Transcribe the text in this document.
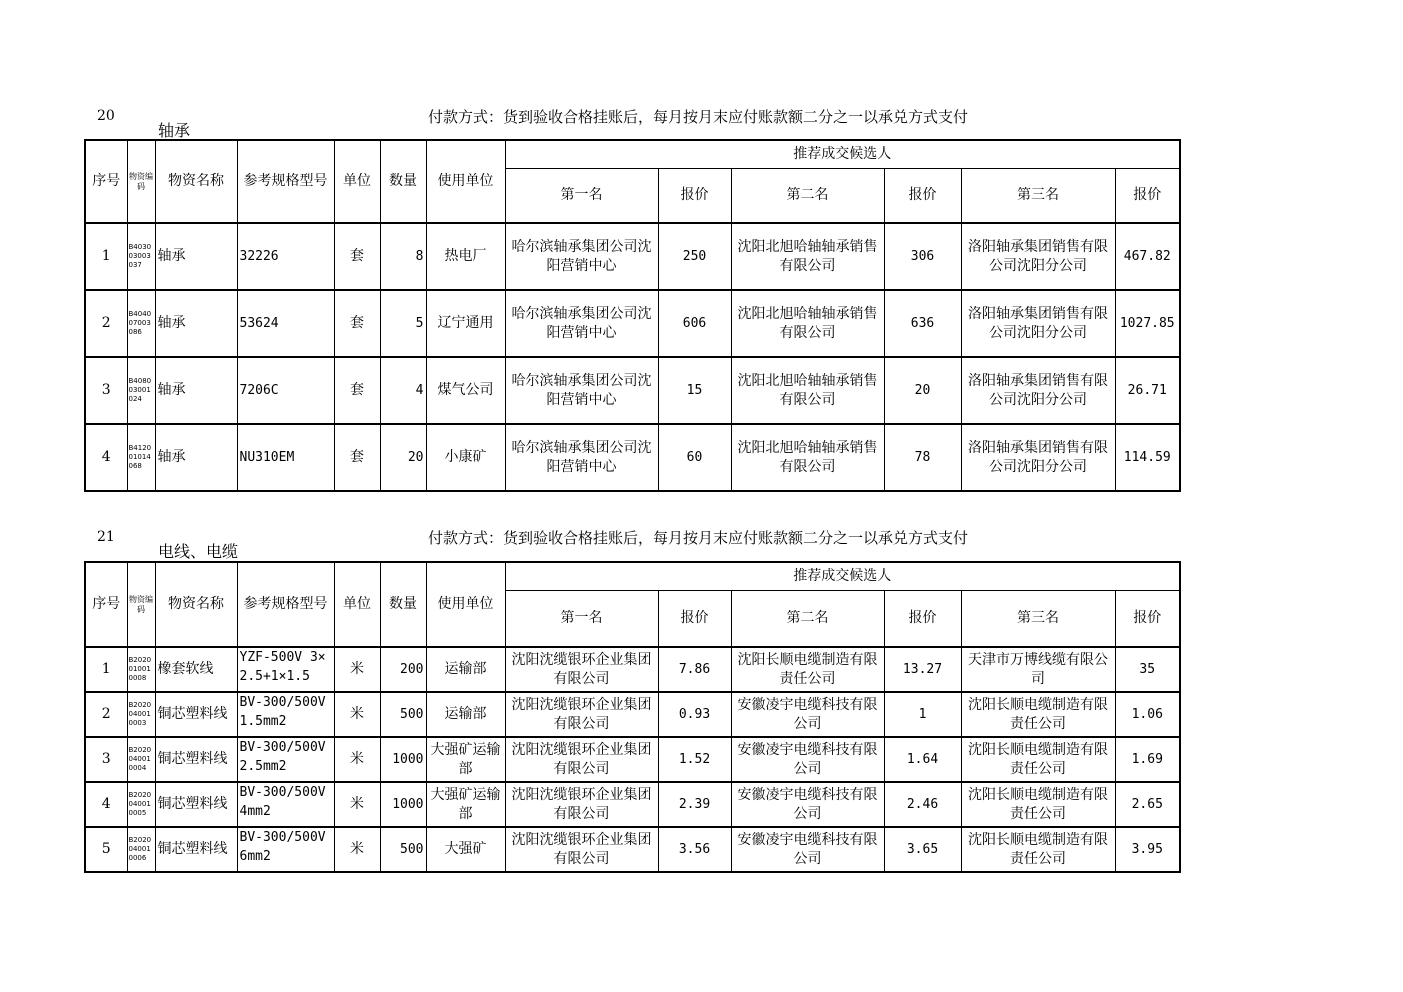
20
轴承
付款方式：货到验收合格挂账后，每月按月末应付账款额二分之一以承兑方式支付
序号	物资编码	物资名称	参考规格型号	单位	数量	使用单位	推荐成交候选人					
							第一名	报价	第二名	报价	第三名	报价

1	B403003003037	轴承	32226	套	8	热电厂	哈尔滨轴承集团公司沈阳营销中心	250	沈阳北旭哈轴轴承销售有限公司	306	洛阳轴承集团销售有限公司沈阳分公司	467.82

2	B404007003086	轴承	53624	套	5	辽宁通用	哈尔滨轴承集团公司沈阳营销中心	606	沈阳北旭哈轴轴承销售有限公司	636	洛阳轴承集团销售有限公司沈阳分公司	1027.85

3	B408003001024	轴承	7206C	套	4	煤气公司	哈尔滨轴承集团公司沈阳营销中心	15	沈阳北旭哈轴轴承销售有限公司	20	洛阳轴承集团销售有限公司沈阳分公司	26.71

4	B412001014068	轴承	NU310EM	套	20	小康矿	哈尔滨轴承集团公司沈阳营销中心	60	沈阳北旭哈轴轴承销售有限公司	78	洛阳轴承集团销售有限公司沈阳分公司	114.59
21
电线、电缆
付款方式：货到验收合格挂账后，每月按月末应付账款额二分之一以承兑方式支付
序号	物资编码	物资名称	参考规格型号	单位	数量	使用单位	推荐成交候选人					
							第一名	报价	第二名	报价	第三名	报价

1	B2020010010008	橡套软线	YZF-500V 3×2.5+1×1.5	米	200	运输部	沈阳沈缆银环企业集团有限公司	7.86	沈阳长顺电缆制造有限责任公司	13.27	天津市万博线缆有限公司	35

2	B2020040010003	铜芯塑料线	BV-300/500V 1.5mm2	米	500	运输部	沈阳沈缆银环企业集团有限公司	0.93	安徽凌宇电缆科技有限公司	1	沈阳长顺电缆制造有限责任公司	1.06

3	B2020040010004	铜芯塑料线	BV-300/500V 2.5mm2	米	1000	大强矿运输部	沈阳沈缆银环企业集团有限公司	1.52	安徽凌宇电缆科技有限公司	1.64	沈阳长顺电缆制造有限责任公司	1.69

4	B2020040010005	铜芯塑料线	BV-300/500V 4mm2	米	1000	大强矿运输部	沈阳沈缆银环企业集团有限公司	2.39	安徽凌宇电缆科技有限公司	2.46	沈阳长顺电缆制造有限责任公司	2.65

5	B2020040010006	铜芯塑料线	BV-300/500V 6mm2	米	500	大强矿	沈阳沈缆银环企业集团有限公司	3.56	安徽凌宇电缆科技有限公司	3.65	沈阳长顺电缆制造有限责任公司	3.95
